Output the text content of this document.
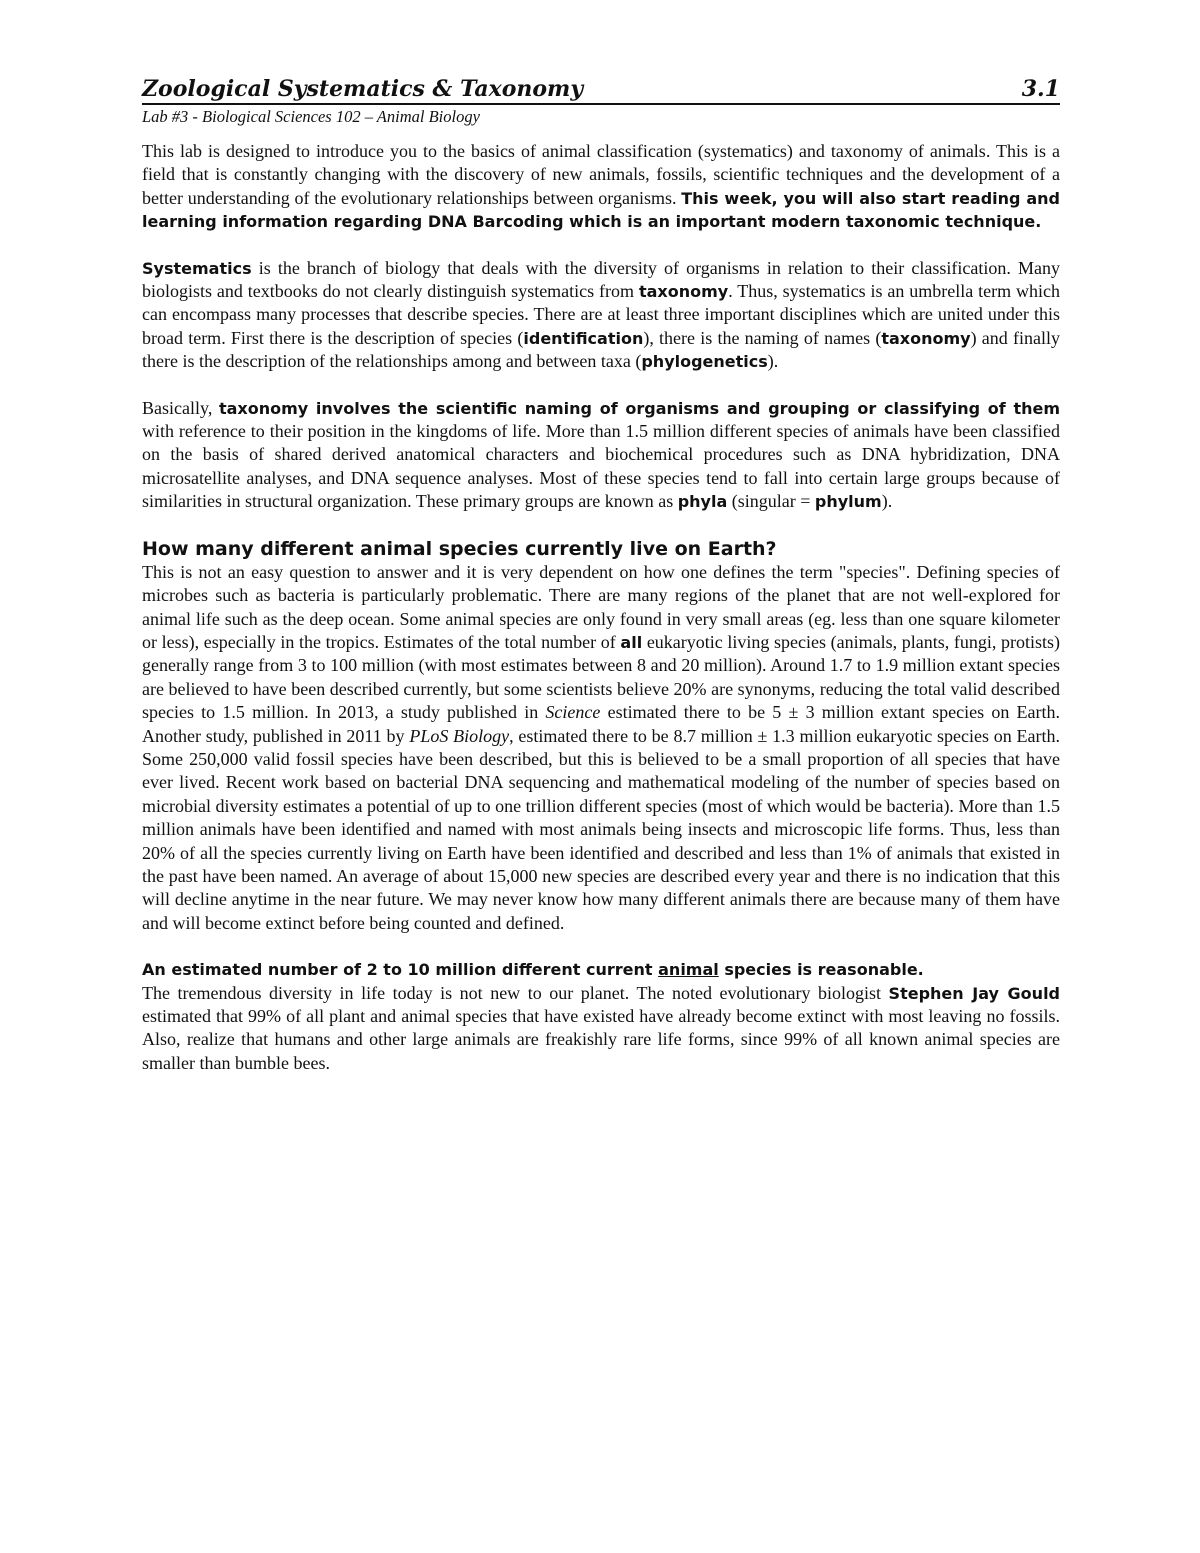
Zoological Systematics & Taxonomy	3.1
Lab #3 - Biological Sciences 102 – Animal Biology

This lab is designed to introduce you to the basics of animal classification (systematics) and taxonomy of animals. This is a field that is constantly changing with the discovery of new animals, fossils, scientific techniques and the development of a better understanding of the evolutionary relationships between organisms. This week, you will also start reading and learning information regarding DNA Barcoding which is an important modern taxonomic technique.

Systematics is the branch of biology that deals with the diversity of organisms in relation to their classification. Many biologists and textbooks do not clearly distinguish systematics from taxonomy. Thus, systematics is an umbrella term which can encompass many processes that describe species. There are at least three important disciplines which are united under this broad term. First there is the description of species (identification), there is the naming of names (taxonomy) and finally there is the description of the relationships among and between taxa (phylogenetics).

Basically, taxonomy involves the scientific naming of organisms and grouping or classifying of them with reference to their position in the kingdoms of life. More than 1.5 million different species of animals have been classified on the basis of shared derived anatomical characters and biochemical procedures such as DNA hybridization, DNA microsatellite analyses, and DNA sequence analyses. Most of these species tend to fall into certain large groups because of similarities in structural organization. These primary groups are known as phyla (singular = phylum).

How many different animal species currently live on Earth?

This is not an easy question to answer and it is very dependent on how one defines the term "species". Defining species of microbes such as bacteria is particularly problematic. There are many regions of the planet that are not well-explored for animal life such as the deep ocean. Some animal species are only found in very small areas (eg. less than one square kilometer or less), especially in the tropics. Estimates of the total number of all eukaryotic living species (animals, plants, fungi, protists) generally range from 3 to 100 million (with most estimates between 8 and 20 million). Around 1.7 to 1.9 million extant species are believed to have been described currently, but some scientists believe 20% are synonyms, reducing the total valid described species to 1.5 million. In 2013, a study published in Science estimated there to be 5 ± 3 million extant species on Earth. Another study, published in 2011 by PLoS Biology, estimated there to be 8.7 million ± 1.3 million eukaryotic species on Earth. Some 250,000 valid fossil species have been described, but this is believed to be a small proportion of all species that have ever lived. Recent work based on bacterial DNA sequencing and mathematical modeling of the number of species based on microbial diversity estimates a potential of up to one trillion different species (most of which would be bacteria). More than 1.5 million animals have been identified and named with most animals being insects and microscopic life forms. Thus, less than 20% of all the species currently living on Earth have been identified and described and less than 1% of animals that existed in the past have been named. An average of about 15,000 new species are described every year and there is no indication that this will decline anytime in the near future. We may never know how many different animals there are because many of them have and will become extinct before being counted and defined.

An estimated number of 2 to 10 million different current animal species is reasonable.
The tremendous diversity in life today is not new to our planet. The noted evolutionary biologist Stephen Jay Gould estimated that 99% of all plant and animal species that have existed have already become extinct with most leaving no fossils. Also, realize that humans and other large animals are freakishly rare life forms, since 99% of all known animal species are smaller than bumble bees.
